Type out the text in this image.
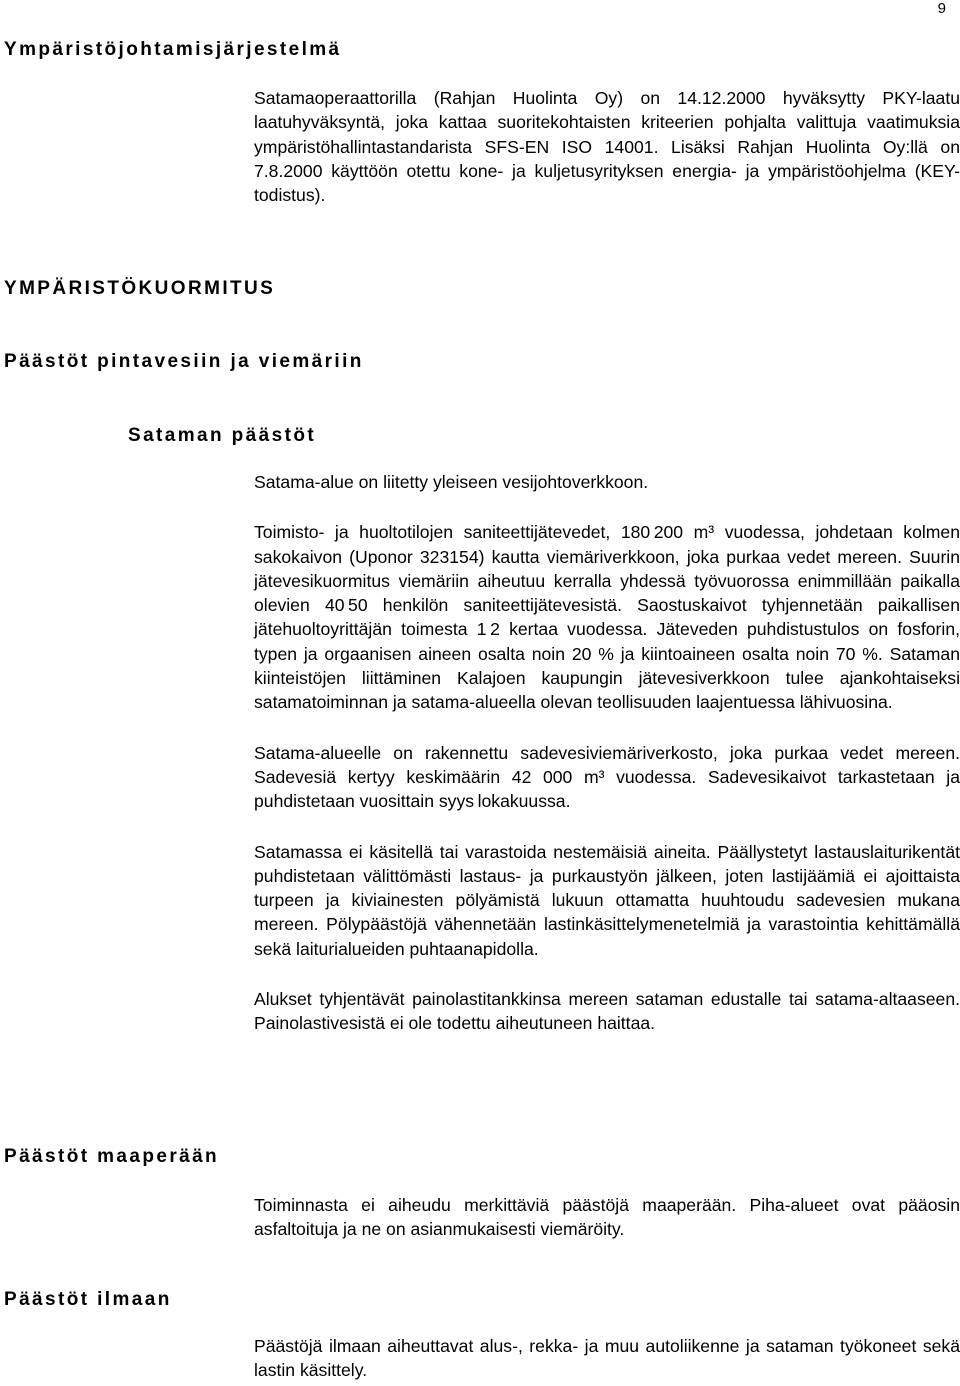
9
Ympäristöjohtamisjärjestelmä

Satamaoperaattorilla (Rahjan Huolinta Oy) on 14.12.2000 hyväksytty PKY-laatu laatuhyväksyntä, joka kattaa suoritekohtaisten kriteerien pohjalta valittuja vaatimuksia ympäristöhallintastandarista SFS-EN ISO 14001. Lisäksi Rahjan Huolinta Oy:llä on 7.8.2000 käyttöön otettu kone- ja kuljetusyrityksen energia- ja ympäristöohjelma (KEY-todistus).

YMPÄRISTÖKUORMITUS
Päästöt pintavesiin ja viemäriin
Sataman päästöt

Satama-alue on liitetty yleiseen vesijohtoverkkoon.

Toimisto- ja huoltotilojen saniteettijätevedet, 180 200 m³ vuodessa, johdetaan kolmen sakokaivon (Uponor 323154) kautta viemäriverkkoon, joka purkaa vedet mereen. Suurin jätevesikuormitus viemäriin aiheutuu kerralla yhdessä työvuorossa enimmillään paikalla olevien 40 50 henkilön saniteettijätevesistä. Saostuskaivot tyhjennetään paikallisen jätehuoltoyrittäjän toimesta 1 2 kertaa vuodessa. Jäteveden puhdistustulos on fosforin, typen ja orgaanisen aineen osalta noin 20 % ja kiintoaineen osalta noin 70 %. Sataman kiinteistöjen liittäminen Kalajoen kaupungin jätevesiverkkoon tulee ajankohtaiseksi satamatoiminnan ja satama-alueella olevan teollisuuden laajentuessa lähivuosina.

Satama-alueelle on rakennettu sadevesiviemäriverkosto, joka purkaa vedet mereen. Sadevesiä kertyy keskimäärin 42 000 m³ vuodessa. Sadevesikaivot tarkastetaan ja puhdistetaan vuosittain syys lokakuussa.

Satamassa ei käsitellä tai varastoida nestemäisiä aineita. Päällystetyt lastauslaiturikentät puhdistetaan välittömästi lastaus- ja purkaustyön jälkeen, joten lastijäämiä ei ajoittaista turpeen ja kiviainesten pölyämistä lukuun ottamatta huuhtoudu sadevesien mukana mereen. Pölypäästöjä vähennetään lastinkäsittelymenetelmiä ja varastointia kehittämällä sekä laiturialueiden puhtaanapidolla.

Alukset tyhjentävät painolastitankkinsa mereen sataman edustalle tai satama-altaaseen. Painolastivesistä ei ole todettu aiheutuneen haittaa.

Päästöt maaperään

Toiminnasta ei aiheudu merkittäviä päästöjä maaperään. Piha-alueet ovat pääosin asfaltoituja ja ne on asianmukaisesti viemäröity.

Päästöt ilmaan

Päästöjä ilmaan aiheuttavat alus-, rekka- ja muu autoliikenne ja sataman työkoneet sekä lastin käsittely.
